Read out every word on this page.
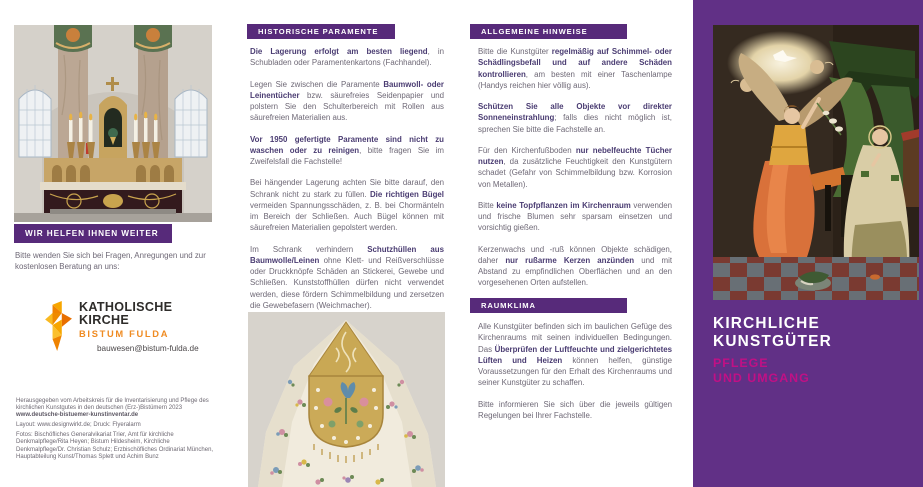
WIR HELFEN IHNEN WEITER
Bitte wenden Sie sich bei Fragen, Anregungen und zur kostenlosen Beratung an uns:
KATHOLISCHE
KIRCHE
BISTUM FULDA
bauwesen@bistum-fulda.de

Herausgegeben vom Arbeitskreis für die Inventarisierung und Pflege des kirchlichen Kunstgutes in den deutschen (Erz-)Bistümern 2023 www.deutsche-bistuemer-kunstinventar.de

Layout: www.designwirkt.de; Druck: Flyeralarm

Fotos: Bischöfliches Generalvikariat Trier, Amt für kirchliche Denkmalpflege/Rita Heyen; Bistum Hildesheim, Kirchliche Denkmalpflege/Dr. Christian Schulz; Erzbischöfliches Ordinariat München, Hauptabteilung Kunst/Thomas Splett und Achim Bunz

HISTORISCHE PARAMENTE

Die Lagerung erfolgt am besten liegend, in Schubladen oder Paramentenkartons (Fachhandel).

Legen Sie zwischen die Paramente Baumwoll- oder Leinentücher bzw. säurefreies Seidenpapier und polstern Sie den Schulterbereich mit Rollen aus säurefreien Materialien aus.

Vor 1950 gefertigte Paramente sind nicht zu waschen oder zu reinigen, bitte fragen Sie im Zweifelsfall die Fachstelle!

Bei hängender Lagerung achten Sie bitte darauf, den Schrank nicht zu stark zu füllen. Die richtigen Bügel vermeiden Spannungsschäden, z. B. bei Chormänteln im Bereich der Schließen. Auch Bügel können mit säurefreien Materialien gepolstert werden.

Im Schrank verhindern Schutzhüllen aus Baumwolle/Leinen ohne Klett- und Reißverschlüsse oder Druckknöpfe Schäden an Stickerei, Gewebe und Schließen. Kunststoffhüllen dürfen nicht verwendet werden, diese fördern Schimmelbildung und zersetzen die Gewebefasern (Weichmacher).

ALLGEMEINE HINWEISE

Bitte die Kunstgüter regelmäßig auf Schimmel- oder Schädlingsbefall und auf andere Schäden kontrollieren, am besten mit einer Taschenlampe (Handys reichen hier völlig aus).

Schützen Sie alle Objekte vor direkter Sonneneinstrahlung; falls dies nicht möglich ist, sprechen Sie bitte die Fachstelle an.

Für den Kirchenfußboden nur nebelfeuchte Tücher nutzen, da zusätzliche Feuchtigkeit den Kunstgütern schadet (Gefahr von Schimmelbildung bzw. Korrosion von Metallen).

Bitte keine Topfpflanzen im Kirchenraum verwenden und frische Blumen sehr sparsam einsetzen und vorsichtig gießen.

Kerzenwachs und -ruß können Objekte schädigen, daher nur rußarme Kerzen anzünden und mit Abstand zu empfindlichen Oberflächen und an den vorgesehenen Orten aufstellen.

RAUMKLIMA

Alle Kunstgüter befinden sich im baulichen Gefüge des Kirchenraums mit seinen individuellen Bedingungen. Das Überprüfen der Luftfeuchte und zielgerichtetes Lüften und Heizen können helfen, günstige Voraussetzungen für den Erhalt des Kirchenraums und seiner Kunstgüter zu schaffen.

Bitte informieren Sie sich über die jeweils gültigen Regelungen bei Ihrer Fachstelle.

KIRCHLICHE
KUNSTGÜTER
PFLEGE
UND UMGANG
